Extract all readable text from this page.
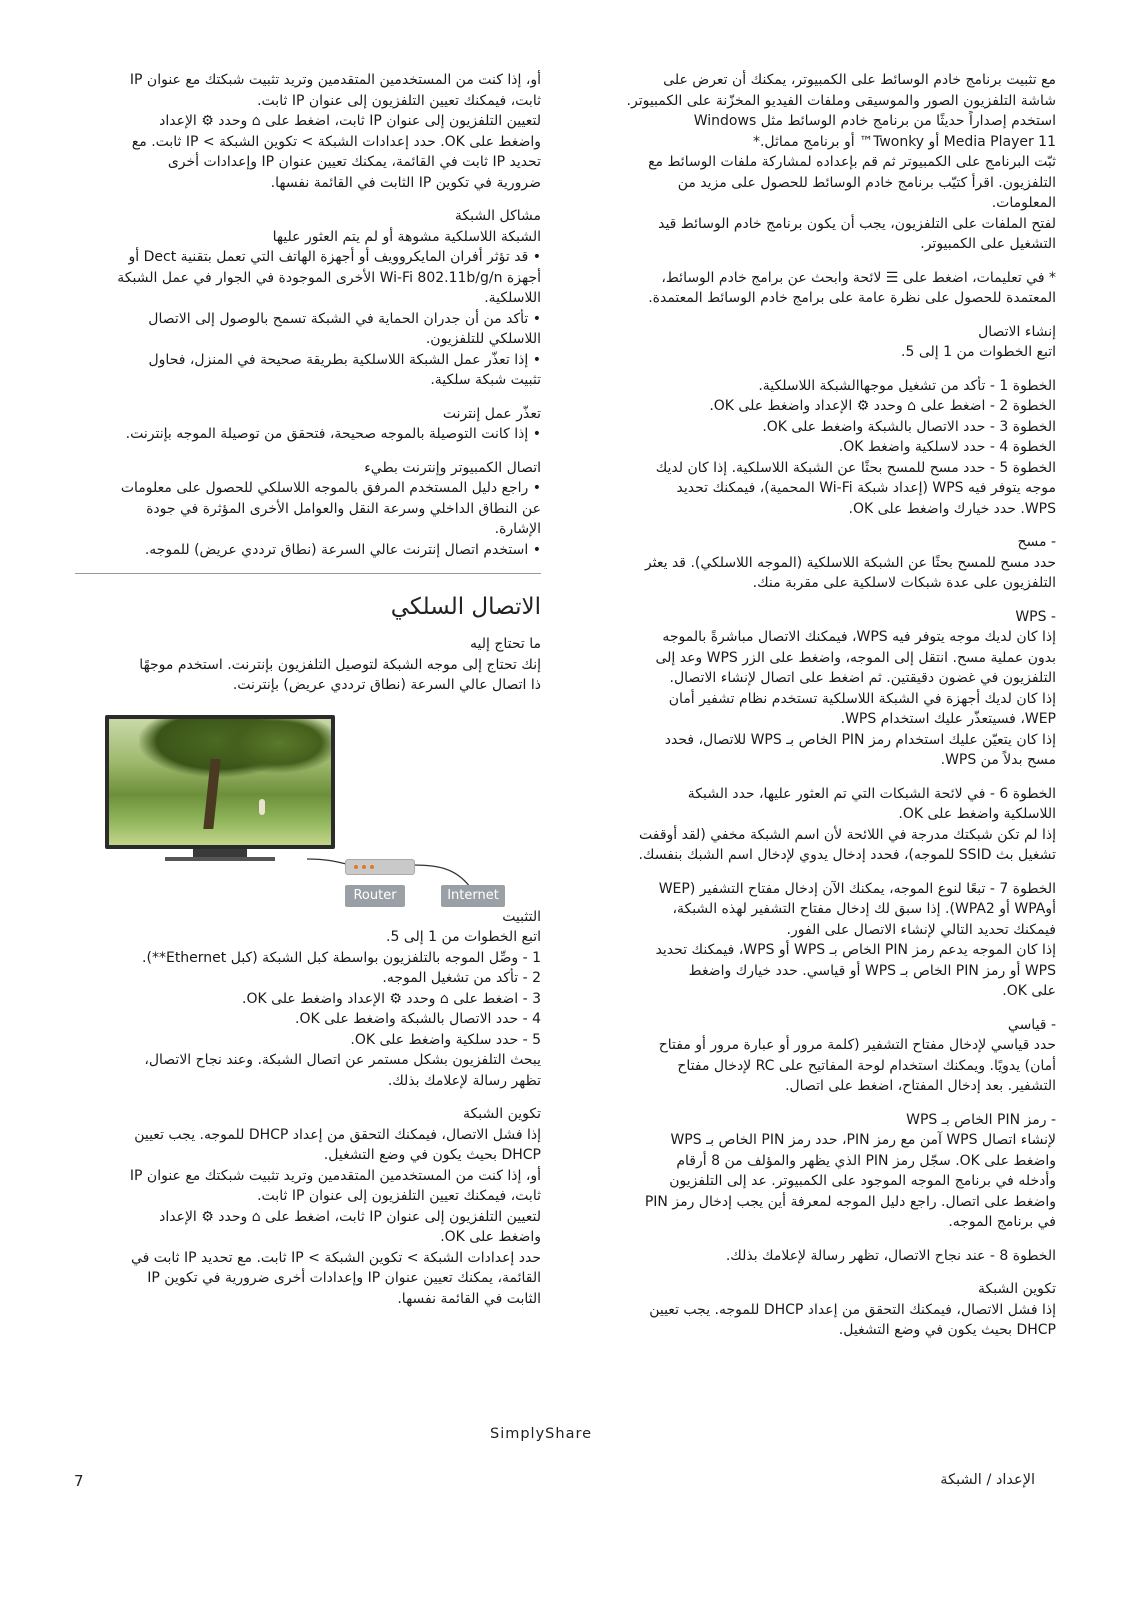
مع تثبيت برنامج خادم الوسائط على الكمبيوتر، يمكنك أن تعرض على
شاشة التلفزيون الصور والموسيقى وملفات الفيديو المخزّنة على الكمبيوتر.
استخدم إصداراً حديثًا من برنامج خادم الوسائط مثل Windows
Media Player 11 أو Twonky™ أو برنامج مماثل.*
ثبّت البرنامج على الكمبيوتر ثم قم بإعداده لمشاركة ملفات الوسائط مع
التلفزيون. اقرأ كتيّب برنامج خادم الوسائط للحصول على مزيد من
المعلومات.
لفتح الملفات على التلفزيون، يجب أن يكون برنامج خادم الوسائط قيد
التشغيل على الكمبيوتر.
* في تعليمات، اضغط على ☰ لائحة وابحث عن برامج خادم الوسائط،
المعتمدة للحصول على نظرة عامة على برامج خادم الوسائط المعتمدة.
إنشاء الاتصال
اتبع الخطوات من 1 إلى 5.
الخطوة 1 - تأكد من تشغيل موجهاالشبكة اللاسلكية.
الخطوة 2 - اضغط على ⌂ وحدد ⚙ الإعداد واضغط على OK.
الخطوة 3 - حدد الاتصال بالشبكة واضغط على OK.
الخطوة 4 - حدد لاسلكية واضغط OK.
الخطوة 5 - حدد مسح للمسح بحثًا عن الشبكة اللاسلكية. إذا كان لديك
موجه يتوفر فيه WPS (إعداد شبكة Wi-Fi المحمية)، فيمكنك تحديد
WPS. حدد خيارك واضغط على OK.
- مسح
حدد مسح للمسح بحثًا عن الشبكة اللاسلكية (الموجه اللاسلكي). قد يعثر
التلفزيون على عدة شبكات لاسلكية على مقربة منك.
- WPS
إذا كان لديك موجه يتوفر فيه WPS، فيمكنك الاتصال مباشرةً بالموجه
بدون عملية مسح. انتقل إلى الموجه، واضغط على الزر WPS وعد إلى
التلفزيون في غضون دقيقتين. ثم اضغط على اتصال لإنشاء الاتصال.
إذا كان لديك أجهزة في الشبكة اللاسلكية تستخدم نظام تشفير أمان
WEP، فسيتعذّر عليك استخدام WPS.
إذا كان يتعيّن عليك استخدام رمز PIN الخاص بـ WPS للاتصال، فحدد
مسح بدلاً من WPS.
الخطوة 6 - في لائحة الشبكات التي تم العثور عليها، حدد الشبكة
اللاسلكية واضغط على OK.
إذا لم تكن شبكتك مدرجة في اللائحة لأن اسم الشبكة مخفي (لقد أوقفت
تشغيل بث SSID للموجه)، فحدد إدخال يدوي لإدخال اسم الشبك بنفسك.
الخطوة 7 - تبعًا لنوع الموجه، يمكنك الآن إدخال مفتاح التشفير (WEP
أوWPA أو WPA2). إذا سبق لك إدخال مفتاح التشفير لهذه الشبكة،
فيمكنك تحديد التالي لإنشاء الاتصال على الفور.
إذا كان الموجه يدعم رمز PIN الخاص بـ WPS أو WPS، فيمكنك تحديد
WPS أو رمز PIN الخاص بـ WPS أو قياسي. حدد خيارك واضغط
على OK.
- قياسي
حدد قياسي لإدخال مفتاح التشفير (كلمة مرور أو عبارة مرور أو مفتاح
أمان) يدويًا. ويمكنك استخدام لوحة المفاتيح على RC لإدخال مفتاح
التشفير. بعد إدخال المفتاح، اضغط على اتصال.
- رمز PIN الخاص بـ WPS
لإنشاء اتصال WPS آمن مع رمز PIN، حدد رمز PIN الخاص بـ WPS
واضغط على OK. سجّل رمز PIN الذي يظهر والمؤلف من 8 أرقام
وأدخله في برنامج الموجه الموجود على الكمبيوتر. عد إلى التلفزيون
واضغط على اتصال. راجع دليل الموجه لمعرفة أين يجب إدخال رمز PIN
في برنامج الموجه.
الخطوة 8 - عند نجاح الاتصال، تظهر رسالة لإعلامك بذلك.
تكوين الشبكة
إذا فشل الاتصال، فيمكنك التحقق من إعداد DHCP للموجه. يجب تعيين
DHCP بحيث يكون في وضع التشغيل.
أو، إذا كنت من المستخدمين المتقدمين وتريد تثبيت شبكتك مع عنوان IP
ثابت، فيمكنك تعيين التلفزيون إلى عنوان IP ثابت.
لتعيين التلفزيون إلى عنوان IP ثابت، اضغط على ⌂ وحدد ⚙ الإعداد
واضغط على OK. حدد إعدادات الشبكة > تكوين الشبكة > IP ثابت. مع
تحديد IP ثابت في القائمة، يمكنك تعيين عنوان IP وإعدادات أخرى
ضرورية في تكوين IP الثابت في القائمة نفسها.
مشاكل الشبكة
الشبكة اللاسلكية مشوهة أو لم يتم العثور عليها
• قد تؤثر أفران المايكروويف أو أجهزة الهاتف التي تعمل بتقنية Dect أو
أجهزة Wi-Fi 802.11b/g/n الأخرى الموجودة في الجوار في عمل الشبكة
اللاسلكية.
• تأكد من أن جدران الحماية في الشبكة تسمح بالوصول إلى الاتصال
اللاسلكي للتلفزيون.
• إذا تعذّر عمل الشبكة اللاسلكية بطريقة صحيحة في المنزل، فحاول
تثبيت شبكة سلكية.
تعذّر عمل إنترنت
• إذا كانت التوصيلة بالموجه صحيحة، فتحقق من توصيلة الموجه بإنترنت.
اتصال الكمبيوتر وإنترنت بطيء
• راجع دليل المستخدم المرفق بالموجه اللاسلكي للحصول على معلومات
عن النطاق الداخلي وسرعة النقل والعوامل الأخرى المؤثرة في جودة
الإشارة.
• استخدم اتصال إنترنت عالي السرعة (نطاق ترددي عريض) للموجه.
الاتصال السلكي
ما تحتاج إليه
إنك تحتاج إلى موجه الشبكة لتوصيل التلفزيون بإنترنت. استخدم موجهًا
ذا اتصال عالي السرعة (نطاق ترددي عريض) بإنترنت.
Router	Internet
التثبيت
اتبع الخطوات من 1 إلى 5.
1 - وصِّل الموجه بالتلفزيون بواسطة كبل الشبكة (كبل Ethernet**).
2 - تأكد من تشغيل الموجه.
3 - اضغط على ⌂ وحدد ⚙ الإعداد واضغط على OK.
4 - حدد الاتصال بالشبكة واضغط على OK.
5 - حدد سلكية واضغط على OK.
يبحث التلفزيون بشكل مستمر عن اتصال الشبكة. وعند نجاح الاتصال،
تظهر رسالة لإعلامك بذلك.
تكوين الشبكة
إذا فشل الاتصال، فيمكنك التحقق من إعداد DHCP للموجه. يجب تعيين
DHCP بحيث يكون في وضع التشغيل.
أو، إذا كنت من المستخدمين المتقدمين وتريد تثبيت شبكتك مع عنوان IP
ثابت، فيمكنك تعيين التلفزيون إلى عنوان IP ثابت.
لتعيين التلفزيون إلى عنوان IP ثابت، اضغط على ⌂ وحدد ⚙ الإعداد
واضغط على OK.
حدد إعدادات الشبكة > تكوين الشبكة > IP ثابت. مع تحديد IP ثابت في
القائمة، يمكنك تعيين عنوان IP وإعدادات أخرى ضرورية في تكوين IP
الثابت في القائمة نفسها.
SimplyShare
7	الإعداد / الشبكة
